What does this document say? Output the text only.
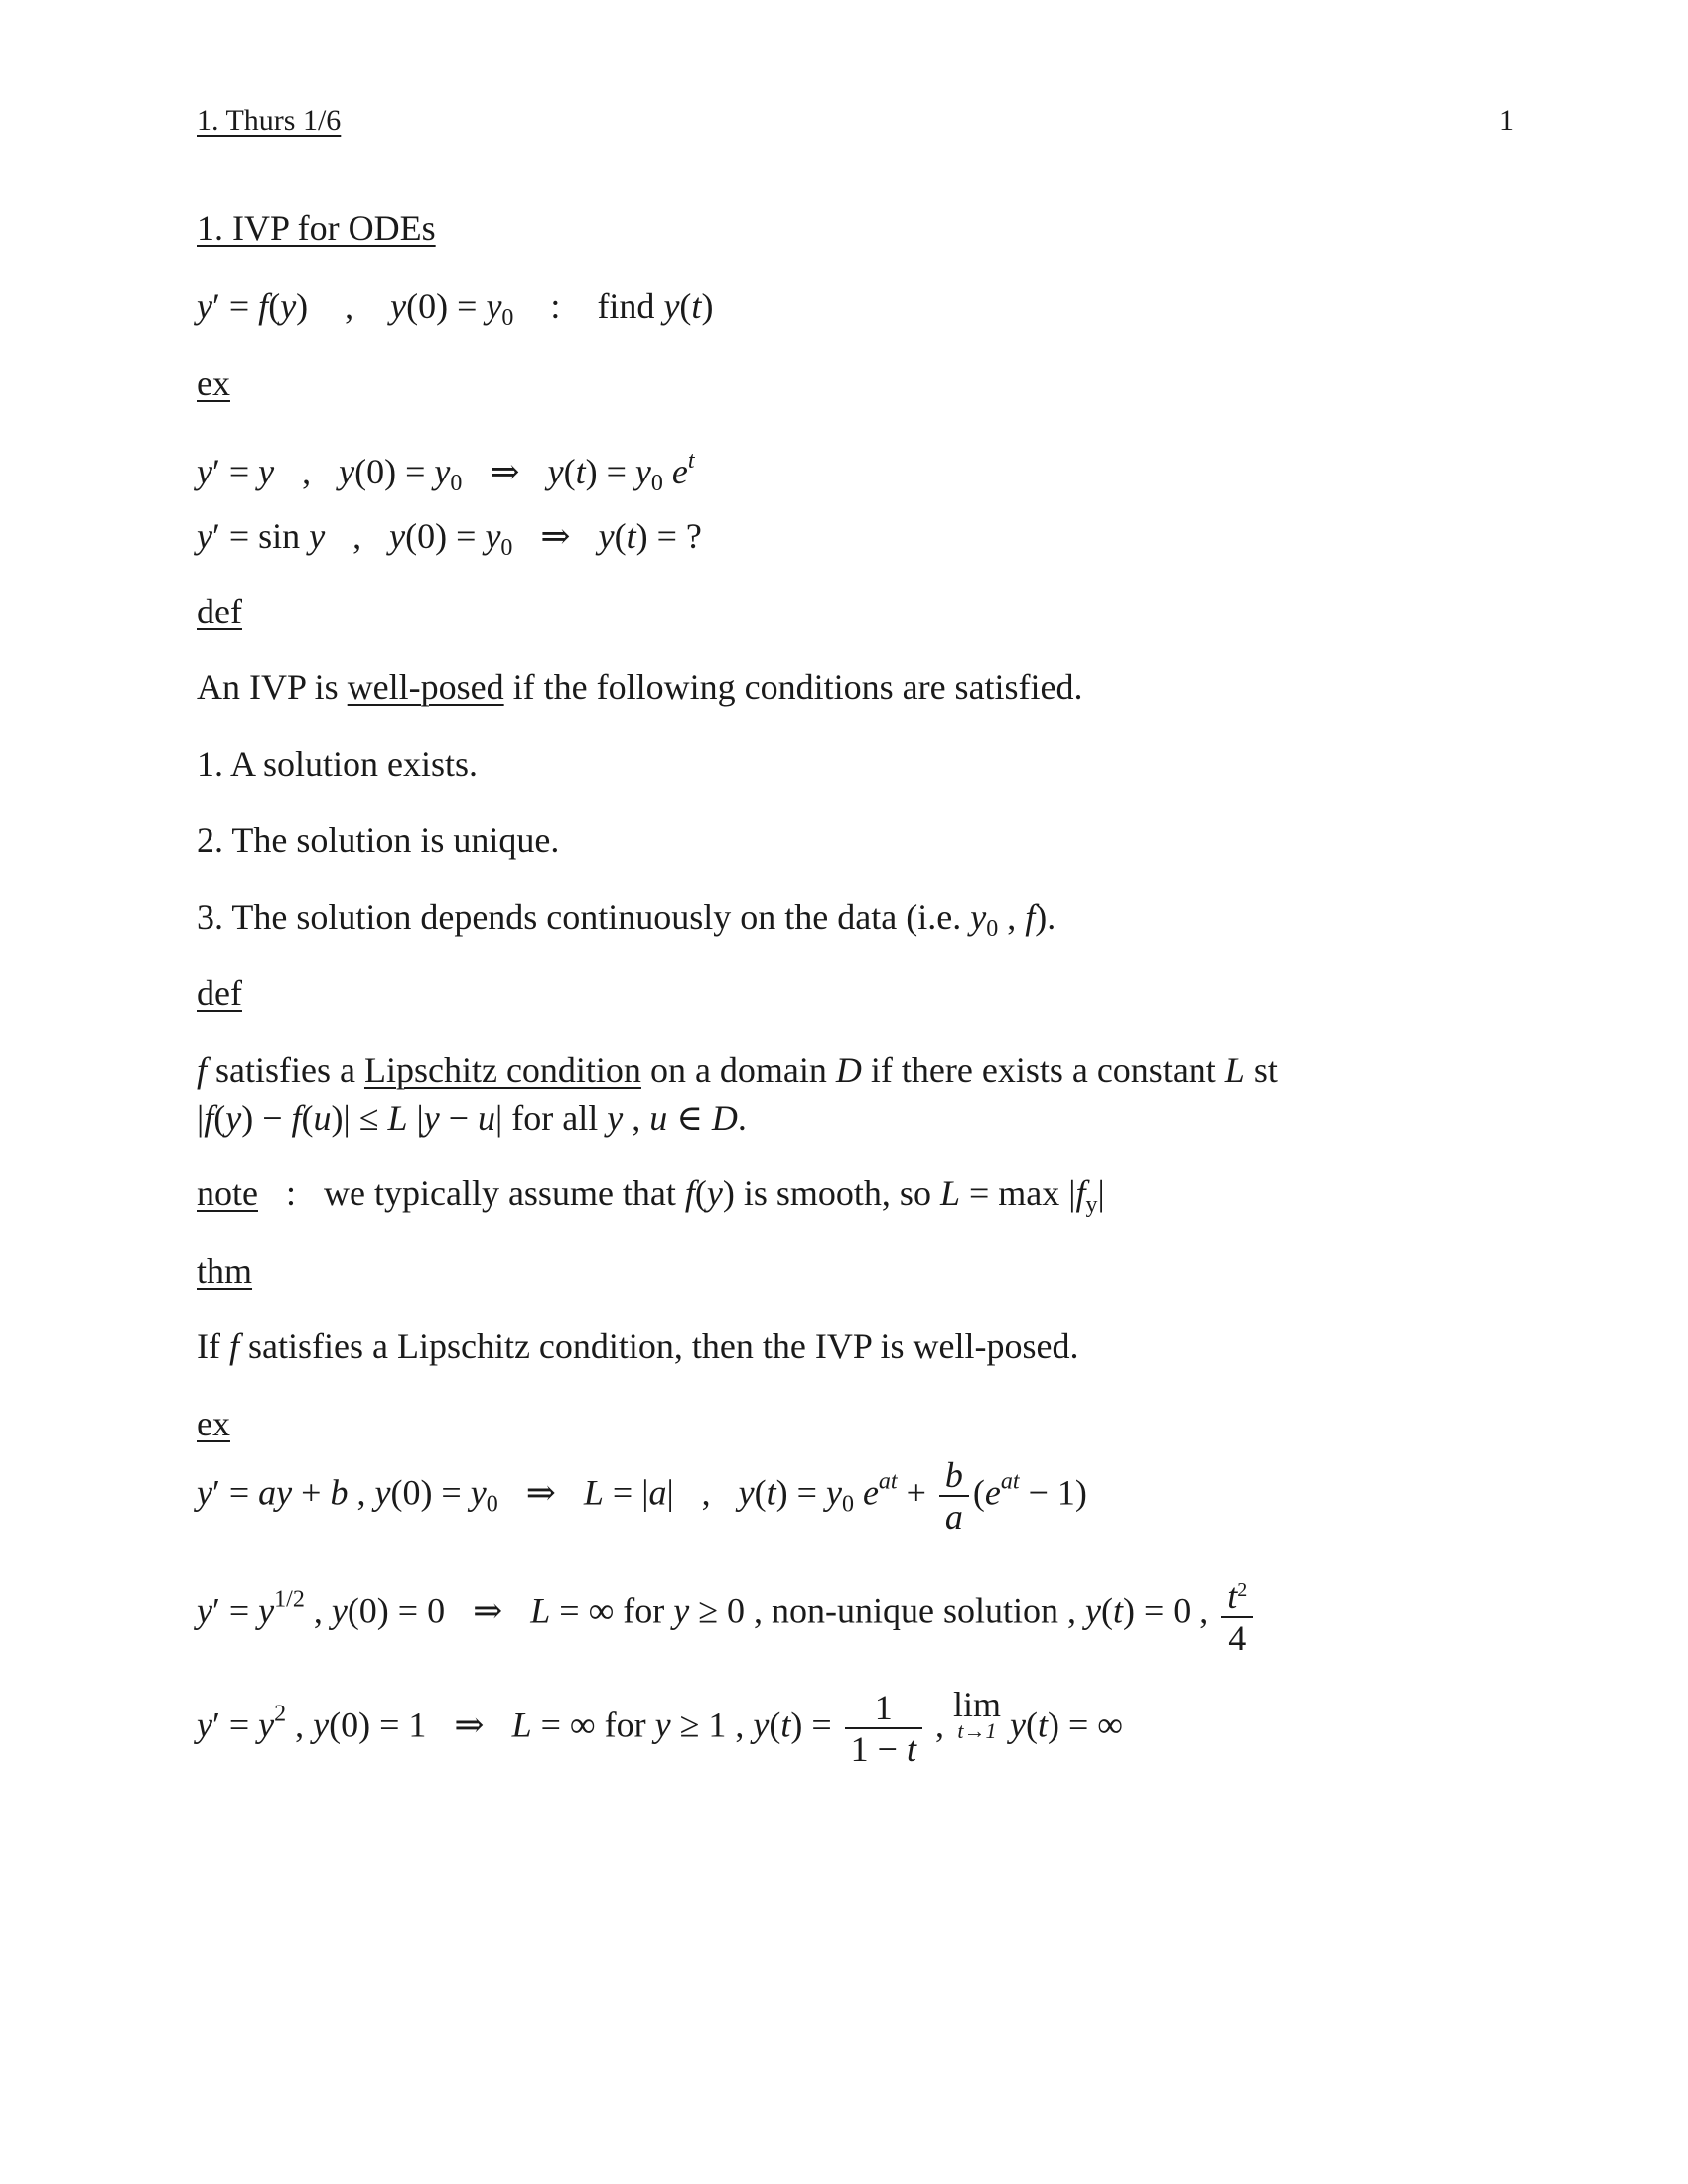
1. Thurs 1/6	1
1. IVP for ODEs
y′ = f(y) , $y(0) = y_0$ : find y(t)
ex
y′ = y , $y(0) = y_0$ ⇒ $y(t) = y_0$ $e^t$
y′ = sin y , $y(0) = y_0$ ⇒ y(t) = ?
def
An IVP is well-posed if the following conditions are satisfied.
1. A solution exists.
2. The solution is unique.
3. The solution depends continuously on the data (i.e. $y_0$ , f).
def
f satisfies a Lipschitz condition on a domain D if there exists a constant L st
|f(y) − f(u)| ≤ L |y − u| for all y , u ∈ D.
note : we typically assume that f(y) is smooth, so $L = \max |f_y|$
thm
If f satisfies a Lipschitz condition, then the IVP is well-posed.
ex
y′ = ay + b , $y(0) = y_0$ ⇒ L = |a| , $y(t) = y_0$ $e^{at} + \frac{b}{a} (e^{at} - 1)$
$y' = y^{1/2}$ , y(0) = 0 ⇒ L = ∞ for y ≥ 0 , non-unique solution , y(t) = 0 , $\frac{t^2}{4}$
$y' = y^2$ , y(0) = 1 ⇒ L = ∞ for y ≥ 1 , $y(t) = \frac{1}{1 - t}$ , lim
t→1 y(t) = ∞
